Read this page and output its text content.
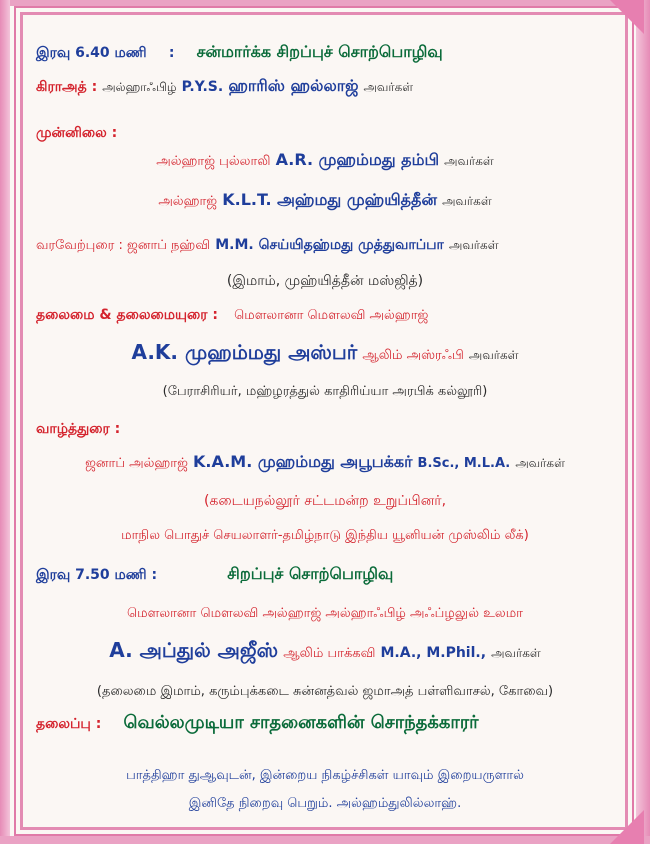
இரவு 6.40 மணி : சன்மார்க்க சிறப்புச் சொற்பொழிவு
கிராஅத் : அல்ஹாஃபிழ் P.Y.S. ஹாரிஸ் ஹல்லாஜ் அவர்கள்
முன்னிலை :
அல்ஹாஜ் புல்லாலி A.R. முஹம்மது தம்பி அவர்கள்
அல்ஹாஜ் K.L.T. அஹ்மது முஹ்யித்தீன் அவர்கள்
வரவேற்புரை : ஜனாப் நஹ்வி M.M. செய்யிதஹ்மது முத்துவாப்பா அவர்கள்
(இமாம், முஹ்யித்தீன் மஸ்ஜித்)
தலைமை & தலைமையுரை : மௌலானா மௌலவி அல்ஹாஜ்
A.K. முஹம்மது அஸ்பர் ஆலிம் அஸ்ரஃபி அவர்கள்
(பேராசிரியர், மஹ்ழரத்துல் காதிரிய்யா அரபிக் கல்லூரி)
வாழ்த்துரை :
ஜனாப் அல்ஹாஜ் K.A.M. முஹம்மது அபூபக்கர் B.Sc., M.L.A. அவர்கள்
(கடையநல்லூர் சட்டமன்ற உறுப்பினர்,
மாநில பொதுச் செயலாளர்-தமிழ்நாடு இந்திய யூனியன் முஸ்லிம் லீக்)
இரவு 7.50 மணி :	சிறப்புச் சொற்பொழிவு
மௌலானா மௌலவி அல்ஹாஜ் அல்ஹாஃபிழ் அஃப்ழலுல் உலமா
A. அப்துல் அஜீஸ் ஆலிம் பாக்கவி M.A., M.Phil., அவர்கள்
(தலைமை இமாம், கரும்புக்கடை சுன்னத்வல் ஜமாஅத் பள்ளிவாசல், கோவை)
தலைப்பு : வெல்லமுடியா சாதனைகளின் சொந்தக்காரர்
பாத்திஹா துஆவுடன், இன்றைய நிகழ்ச்சிகள் யாவும் இறையருளால்
இனிதே நிறைவு பெறும். அல்ஹம்துலில்லாஹ்.
